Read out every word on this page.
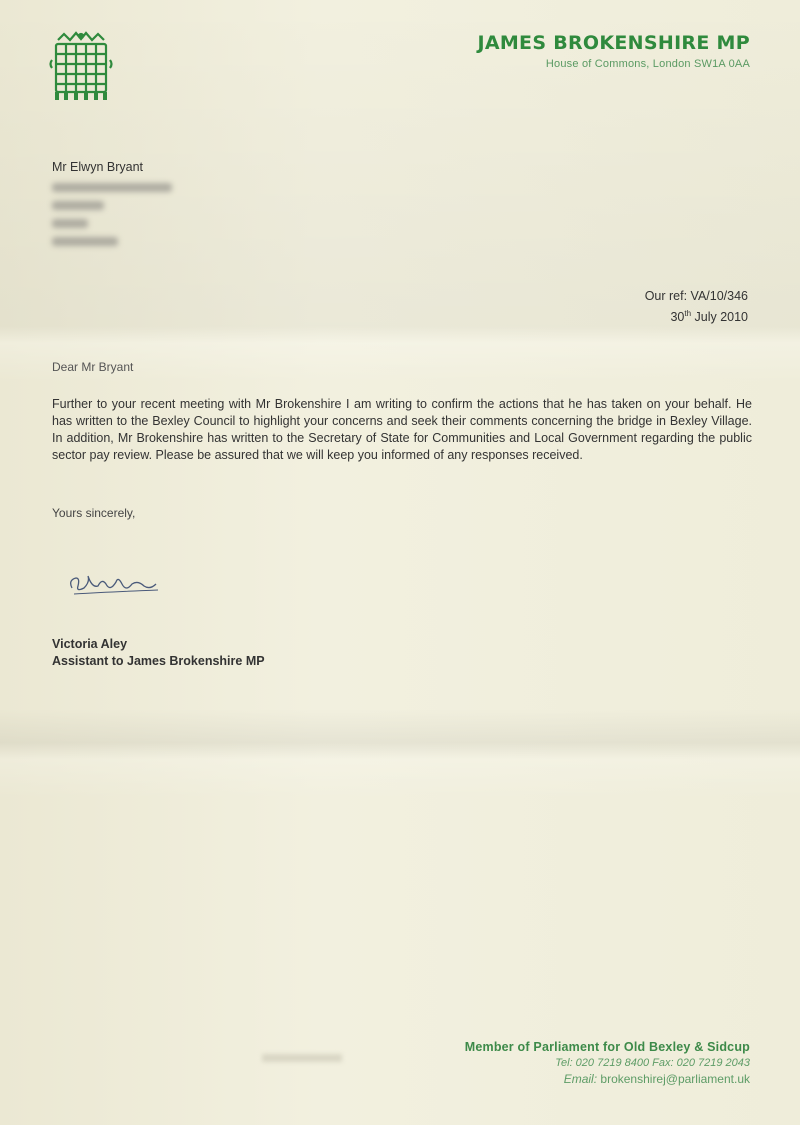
JAMES BROKENSHIRE MP
House of Commons, London SW1A 0AA
Mr Elwyn Bryant
Our ref: VA/10/346
30th July 2010
Dear Mr Bryant
Further to your recent meeting with Mr Brokenshire I am writing to confirm the actions that he has taken on your behalf. He has written to the Bexley Council to highlight your concerns and seek their comments concerning the bridge in Bexley Village. In addition, Mr Brokenshire has written to the Secretary of State for Communities and Local Government regarding the public sector pay review. Please be assured that we will keep you informed of any responses received.
Yours sincerely,
Victoria Aley
Assistant to James Brokenshire MP
Member of Parliament for Old Bexley & Sidcup
Tel: 020 7219 8400 Fax: 020 7219 2043
Email: brokenshirej@parliament.uk
